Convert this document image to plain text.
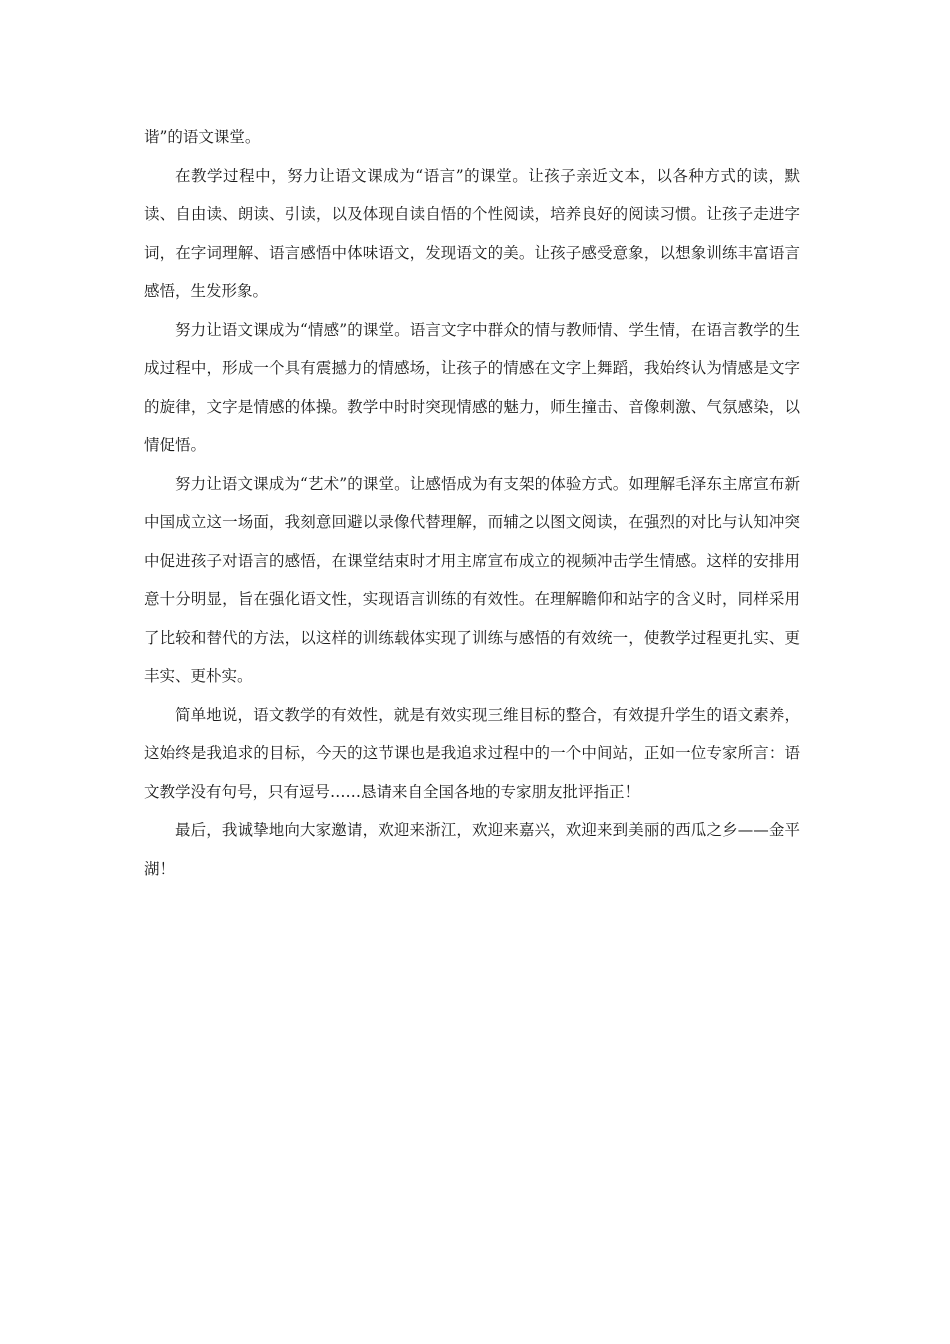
谐”的语文课堂。

在教学过程中，努力让语文课成为“语言”的课堂。让孩子亲近文本，以各种方式的读，默读、自由读、朗读、引读，以及体现自读自悟的个性阅读，培养良好的阅读习惯。让孩子走进字词，在字词理解、语言感悟中体味语文，发现语文的美。让孩子感受意象，以想象训练丰富语言感悟，生发形象。

努力让语文课成为“情感”的课堂。语言文字中群众的情与教师情、学生情，在语言教学的生成过程中，形成一个具有震撼力的情感场，让孩子的情感在文字上舞蹈，我始终认为情感是文字的旋律，文字是情感的体操。教学中时时突现情感的魅力，师生撞击、音像刺激、气氛感染，以情促悟。

努力让语文课成为“艺术”的课堂。让感悟成为有支架的体验方式。如理解毛泽东主席宣布新中国成立这一场面，我刻意回避以录像代替理解，而辅之以图文阅读，在强烈的对比与认知冲突中促进孩子对语言的感悟，在课堂结束时才用主席宣布成立的视频冲击学生情感。这样的安排用意十分明显，旨在强化语文性，实现语言训练的有效性。在理解瞻仰和站字的含义时，同样采用了比较和替代的方法，以这样的训练载体实现了训练与感悟的有效统一，使教学过程更扎实、更丰实、更朴实。

简单地说，语文教学的有效性，就是有效实现三维目标的整合，有效提升学生的语文素养，这始终是我追求的目标，今天的这节课也是我追求过程中的一个中间站，正如一位专家所言：语文教学没有句号，只有逗号……恳请来自全国各地的专家朋友批评指正！

最后，我诚挚地向大家邀请，欢迎来浙江，欢迎来嘉兴，欢迎来到美丽的西瓜之乡——金平湖！
